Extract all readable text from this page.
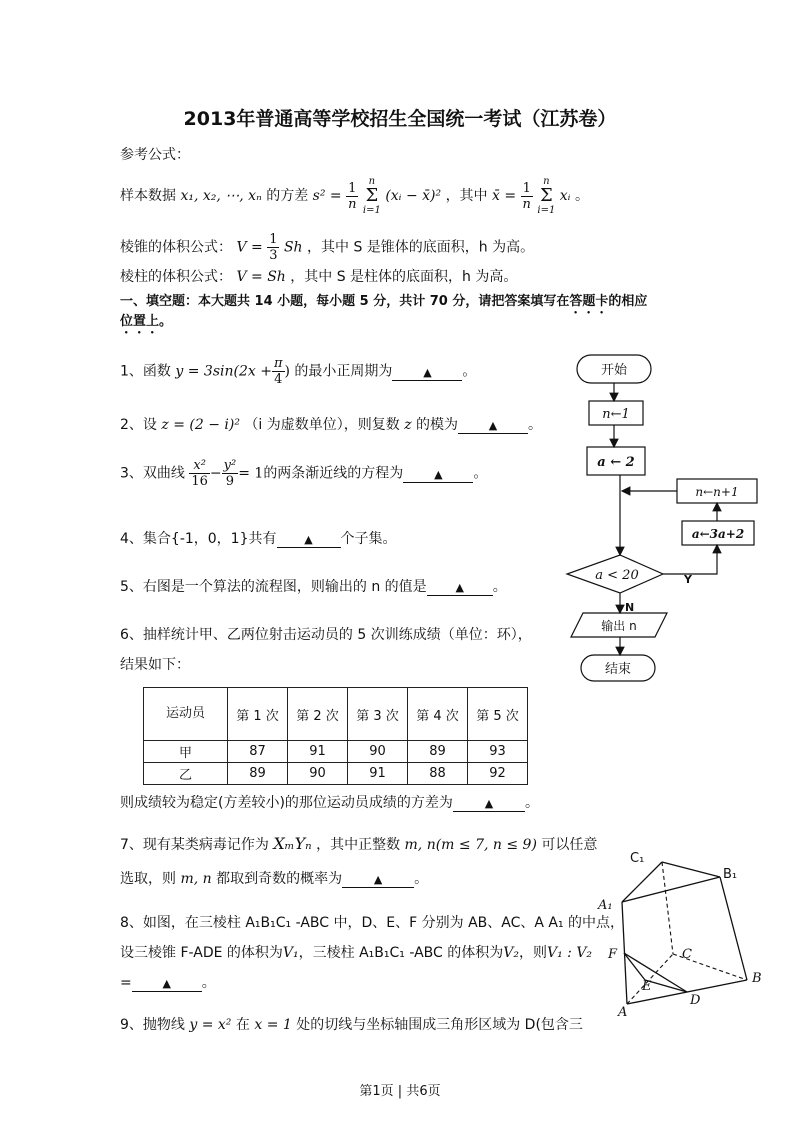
2013年普通高等学校招生全国统一考试（江苏卷）
参考公式：
样本数据 x₁, x₂, ⋯, xₙ 的方差 $s^2 = \frac{1}{n}$
	n
Σ
i=1
(xᵢ − x̄)² ，其中 x̄ = $\frac{1}{n}$
	n
Σ
i=1
xᵢ 。
棱锥的体积公式： $V = \frac{1}{3}$ Sh ，其中 S 是锥体的底面积，h 为高。
棱柱的体积公式： V = Sh ，其中 S 是柱体的底面积，h 为高。
一、填空题：本大题共 14 小题，每小题 5 分，共计 70 分，请把答案填写在答题卡的相应
位置上。
1、函数 $y = 3\sin(2x + \frac{\pi}{4}$ ) 的最小正周期为	▲ 。
2、设 z = (2 − i)² （i 为虚数单位），则复数 z 的模为	▲ 。
3、双曲线 $\frac{\text{x²}}{16} - \frac{\text{y²}}{9} = 1$的两条渐近线的方程为	▲ 。
4、集合{-1，0，1}共有	▲ 个子集。
5、右图是一个算法的流程图，则输出的 n 的值是	▲ 。
6、抽样统计甲、乙两位射击运动员的 5 次训练成绩（单位：环），
结果如下：
运动员	第 1 次	第 2 次	第 3 次	第 4 次	第 5 次
甲	87	91	90	89	93
乙	89	90	91	88	92
则成绩较为稳定(方差较小)的那位运动员成绩的方差为	▲ 。
7、现有某类病毒记作为 XₘYₙ ，其中正整数 m, n(m ≤ 7, n ≤ 9) 可以任意
选取，则 m, n 都取到奇数的概率为	▲ 。
8、如图，在三棱柱 A₁B₁C₁ -ABC 中，D、E、F 分别为 AB、AC、A A₁ 的中点，
设三棱锥 F-ADE 的体积为V₁，三棱柱 A₁B₁C₁ -ABC 的体积为V₂，则V₁ : V₂
=	▲ 。
9、抛物线 y = x² 在 x = 1 处的切线与坐标轴围成三角形区域为 D(包含三
开始
n←1
a ← 2
n←n+1
a←3a+2
a < 20	Y
N
输出 n
结束
C₁
B₁
A₁
F	C
E
D
B
A
第1页 | 共6页
